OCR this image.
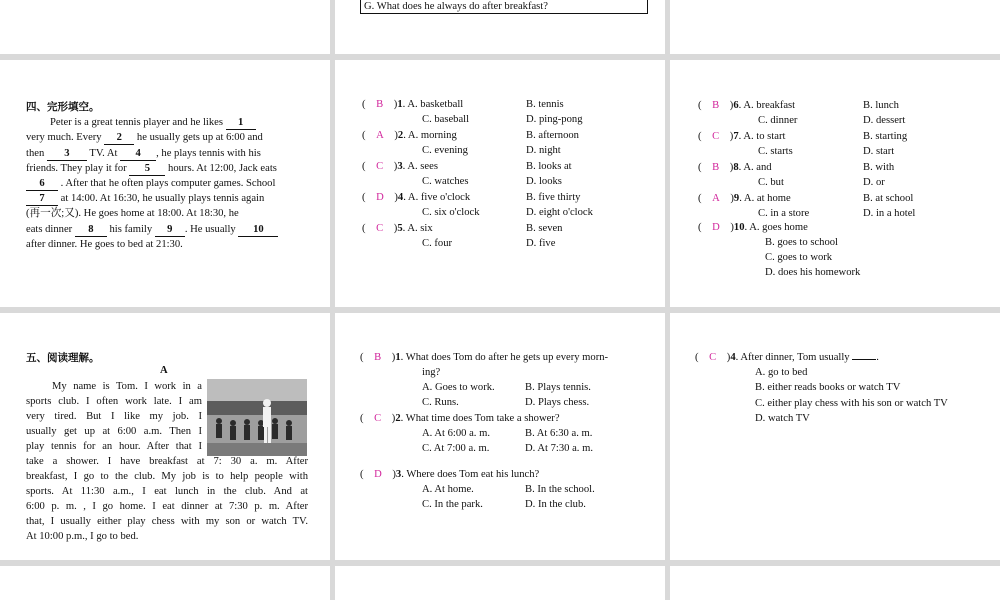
G. What does he always do after breakfast?
四、完形填空。
Peter is a great tennis player and he likes 1
very much. Every 2 he usually gets up at 6:00 and
then 3 TV. At 4 , he plays tennis with his
friends. They play it for 5 hours. At 12:00, Jack eats
6 . After that he often plays computer games. School
7 at 14:00. At 16:30, he usually plays tennis again
(再一次;又). He goes home at 18:00. At 18:30, he
eats dinner 8 his family 9 . He usually 10
after dinner. He goes to bed at 21:30.
(    B    )1. A. basketball	B. tennis
C. baseball	D. ping-pong
(    A    )2. A. morning	B. afternoon
C. evening	D. night
(    C    )3. A. sees	B. looks at
C. watches	D. looks
(    D    )4. A. five o'clock	B. five thirty
C. six o'clock	D. eight o'clock
(    C    )5. A. six	B. seven
C. four	D. five
(    B    )6. A. breakfast	B. lunch
C. dinner	D. dessert
(    C    )7. A. to start	B. starting
C. starts	D. start
(    B    )8. A. and	B. with
C. but	D. or
(    A    )9. A. at home	B. at school
C. in a store	D. in a hotel
(    D    )10. A. goes home
B. goes to school
C. goes to work
D. does his homework
五、阅读理解。
A
My name is Tom. I work in a
sports club. I often work late. I am
very tired. But I like my job. I
usually get up at 6:00 a.m. Then I
play tennis for an hour. After that I
take a shower. I have breakfast at 7: 30 a. m. After
breakfast, I go to the club. My job is to help people with
sports. At 11:30 a.m., I eat lunch in the club. And at
6:00 p. m. , I go home. I eat dinner at 7:30 p. m. After
that, I usually either play chess with my son or watch TV.
At 10:00 p.m., I go to bed.
(    B    )1. What does Tom do after he gets up every morn-
ing?
A. Goes to work.	B. Plays tennis.
C. Runs.	D. Plays chess.
(    C    )2. What time does Tom take a shower?
A. At 6:00 a. m.	B. At 6:30 a. m.
C. At 7:00 a. m.	D. At 7:30 a. m.
(    D    )3. Where does Tom eat his lunch?
A. At home.	B. In the school.
C. In the park.	D. In the club.
(    C    )4. After dinner, Tom usually	.
A. go to bed
B. either reads books or watch TV
C. either play chess with his son or watch TV
D. watch TV
